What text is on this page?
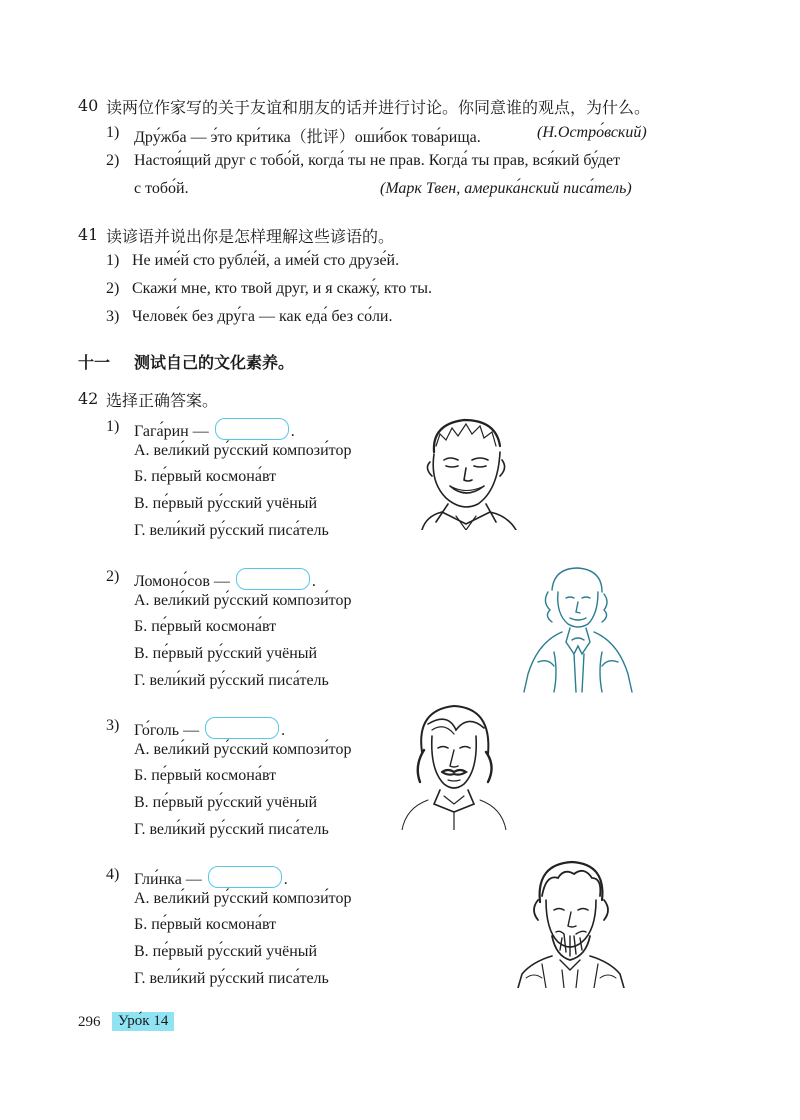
40 读两位作家写的关于友谊和朋友的话并进行讨论。你同意谁的观点，为什么。
1) Дру́жба — э́то кри́тика（批评）оши́бок това́рища.	(Н.Остро́вский)
2) Настоя́щий друг с тобо́й, когда́ ты не прав. Когда́ ты прав, вся́кий бу́дет
с тобо́й.	(Марк Твен, америка́нский писа́тель)
41 读谚语并说出你是怎样理解这些谚语的。
1) Не име́й сто рубле́й, а име́й сто друзе́й.
2) Скажи́ мне, кто твой друг, и я скажу́, кто ты.
3) Челове́к без дру́га — как еда́ без со́ли.
十一 测试自己的文化素养。
42 选择正确答案。
1) Гага́рин —	.
А. вели́кий ру́сский компози́тор
Б. пе́рвый космона́вт
В. пе́рвый ру́сский учёный
Г. вели́кий ру́сский писа́тель
2) Ломоно́сов —	.
А. вели́кий ру́сский компози́тор
Б. пе́рвый космона́вт
В. пе́рвый ру́сский учёный
Г. вели́кий ру́сский писа́тель
3) Го́голь —	.
А. вели́кий ру́сский компози́тор
Б. пе́рвый космона́вт
В. пе́рвый ру́сский учёный
Г. вели́кий ру́сский писа́тель
4) Гли́нка —	.
А. вели́кий ру́сский компози́тор
Б. пе́рвый космона́вт
В. пе́рвый ру́сский учёный
Г. вели́кий ру́сский писа́тель
296	Уро́к 14
